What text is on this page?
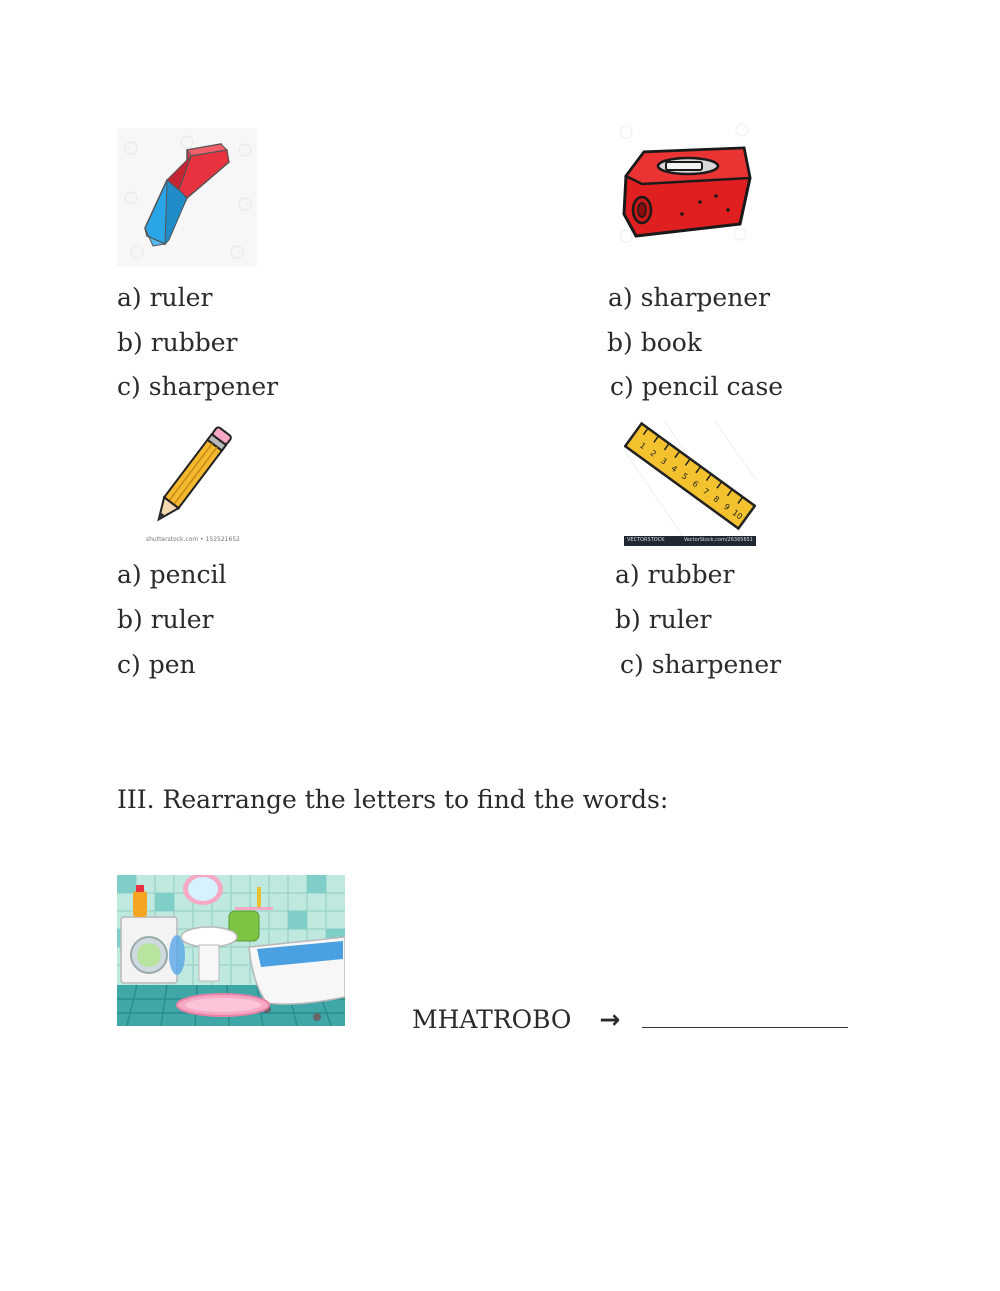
a) ruler
b) rubber
c) sharpener
a) sharpener
b) book
c) pencil case
shutterstock.com • 152521652
a) pencil
b) ruler
c) pen
1
2
3
4
5
6
7
8
9
10
VECTORSTOCK	VectorStock.com/26365651
a) rubber
b) ruler
c) sharpener
III. Rearrange the letters to find the words:
MHATROBO →
